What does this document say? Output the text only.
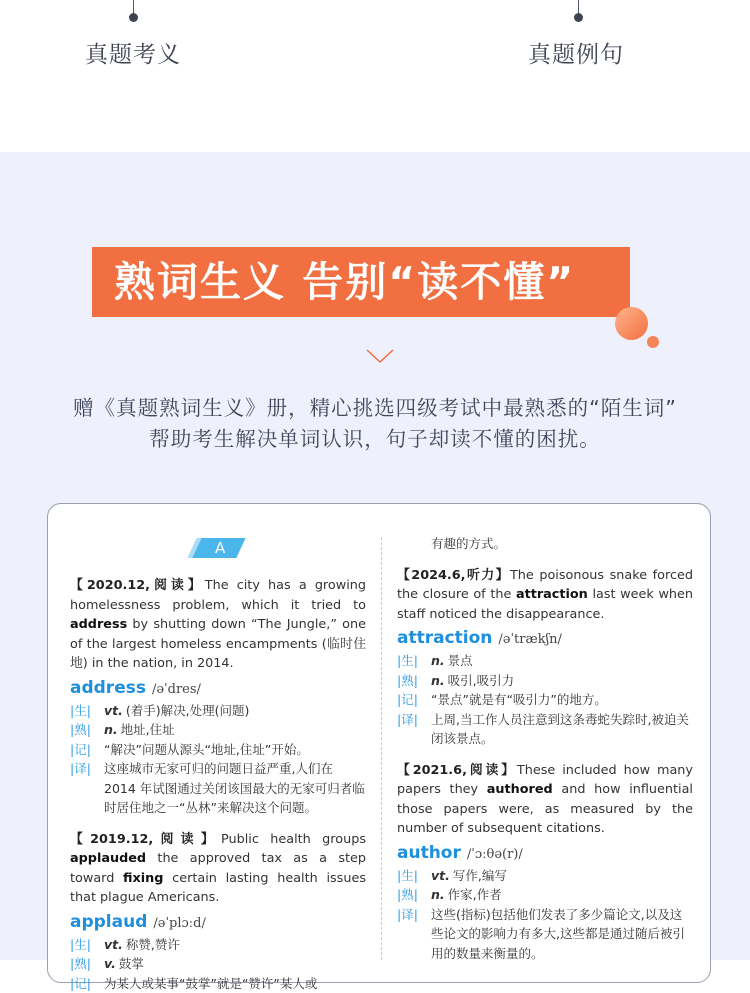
真题考义	真题例句
熟词生义 告别“读不懂”
赠《真题熟词生义》册，精心挑选四级考试中最熟悉的“陌生词”
帮助考生解决单词认识，句子却读不懂的困扰。
A

【2020.12,阅读】The city has a growing homelessness problem, which it tried to address by shutting down “The Jungle,” one of the largest homeless encampments (临时住地) in the nation, in 2014.

address /əˈdres/
|生|	vt. (着手)解决,处理(问题)
|熟|	n. 地址,住址
|记|	“解决”问题从源头“地址,住址”开始。
|译|	这座城市无家可归的问题日益严重,人们在 2014 年试图通过关闭该国最大的无家可归者临时居住地之一“丛林”来解决这个问题。

【2019.12,阅读】Public health groups applauded the approved tax as a step toward fixing certain lasting health issues that plague Americans.

applaud /əˈplɔːd/
|生|	vt. 称赞,赞许
|熟|	v. 鼓掌
|记|	为某人或某事“鼓掌”就是“赞许”某人或
有趣的方式。

【2024.6,听力】The poisonous snake forced the closure of the attraction last week when staff noticed the disappearance.

attraction /əˈtrækʃn/
|生|	n. 景点
|熟|	n. 吸引,吸引力
|记|	“景点”就是有“吸引力”的地方。
|译|	上周,当工作人员注意到这条毒蛇失踪时,被迫关闭该景点。

【2021.6,阅读】These included how many papers they authored and how influential those papers were, as measured by the number of subsequent citations.

author /ˈɔːθə(r)/
|生|	vt. 写作,编写
|熟|	n. 作家,作者
|译|	这些(指标)包括他们发表了多少篇论文,以及这些论文的影响力有多大,这些都是通过随后被引用的数量来衡量的。
